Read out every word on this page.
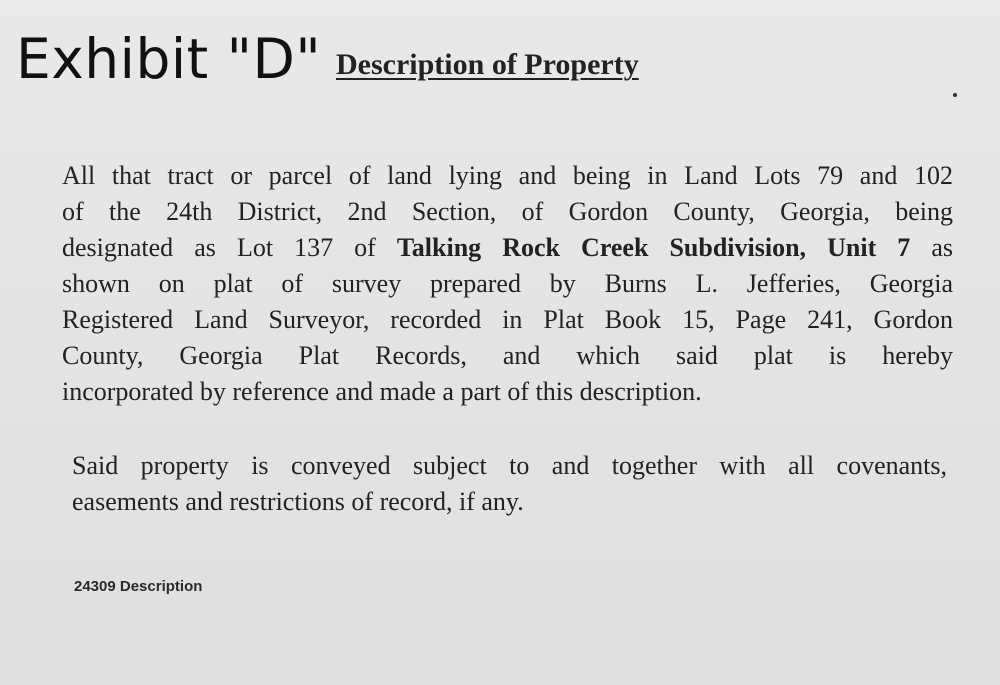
Exhibit "D" Description of Property
All that tract or parcel of land lying and being in Land Lots 79 and 102
of the 24th District, 2nd Section, of Gordon County, Georgia, being
designated as Lot 137 of Talking Rock Creek Subdivision, Unit 7 as
shown on plat of survey prepared by Burns L. Jefferies, Georgia
Registered Land Surveyor, recorded in Plat Book 15, Page 241, Gordon
County, Georgia Plat Records, and which said plat is hereby
incorporated by reference and made a part of this description.
Said property is conveyed subject to and together with all covenants,
easements and restrictions of record, if any.
24309 Description
